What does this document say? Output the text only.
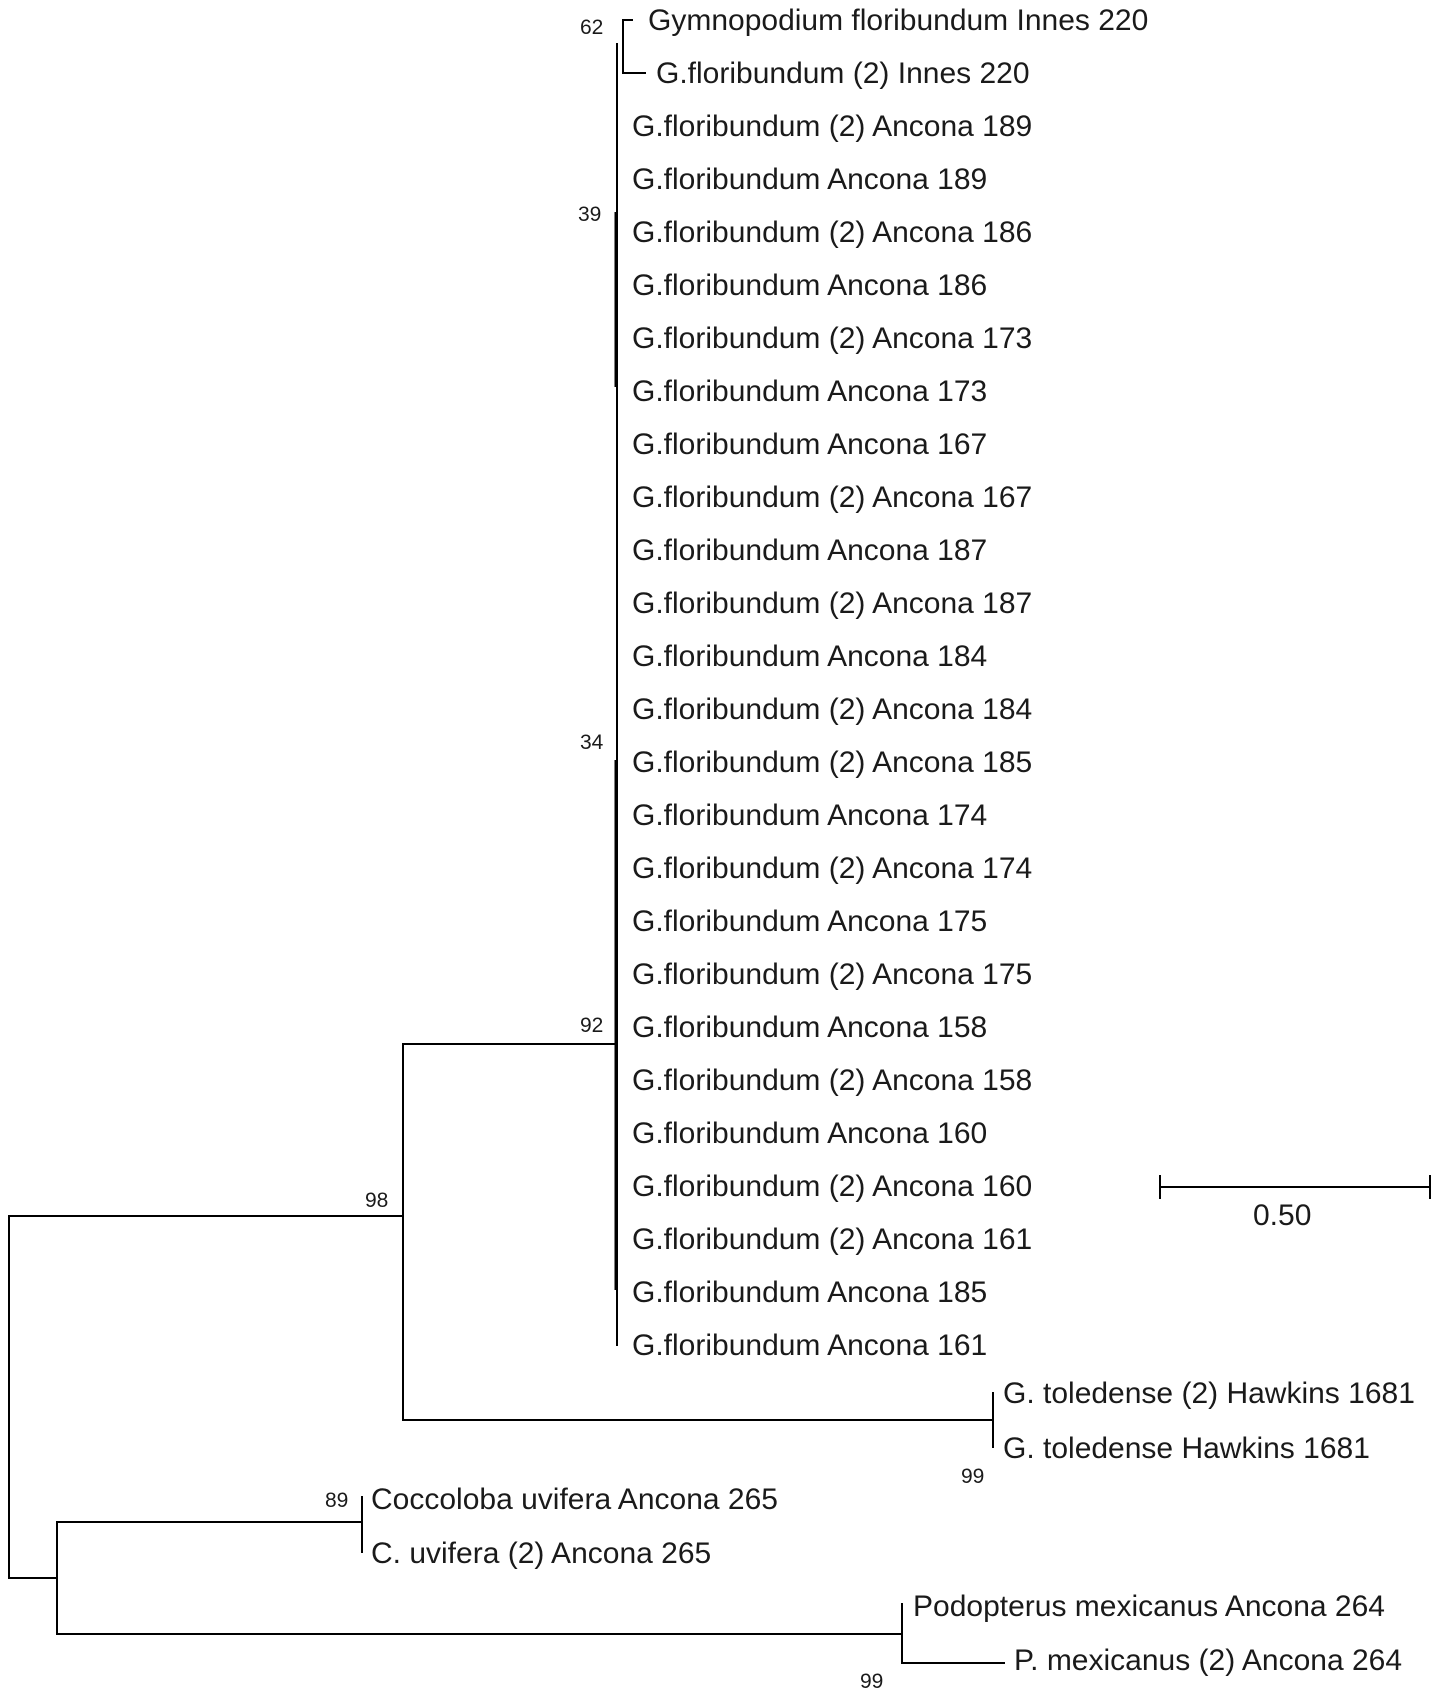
Gymnopodium floribundum Innes 220
G.floribundum (2) Innes 220
G.floribundum (2) Ancona 189
G.floribundum Ancona 189
G.floribundum (2) Ancona 186
G.floribundum Ancona 186
G.floribundum (2) Ancona 173
G.floribundum Ancona 173
G.floribundum Ancona 167
G.floribundum (2) Ancona 167
G.floribundum Ancona 187
G.floribundum (2) Ancona 187
G.floribundum Ancona 184
G.floribundum (2) Ancona 184
G.floribundum (2) Ancona 185
G.floribundum Ancona 174
G.floribundum (2) Ancona 174
G.floribundum Ancona 175
G.floribundum (2) Ancona 175
G.floribundum Ancona 158
G.floribundum (2) Ancona 158
G.floribundum Ancona 160
G.floribundum (2) Ancona 160
G.floribundum (2) Ancona 161
G.floribundum Ancona 185
G.floribundum Ancona 161
G. toledense (2) Hawkins 1681
G. toledense Hawkins 1681
Coccoloba uvifera Ancona 265
C. uvifera (2) Ancona 265
Podopterus mexicanus Ancona 264
P. mexicanus (2) Ancona 264
62
39
34
92
98
99
89
99
0.50
